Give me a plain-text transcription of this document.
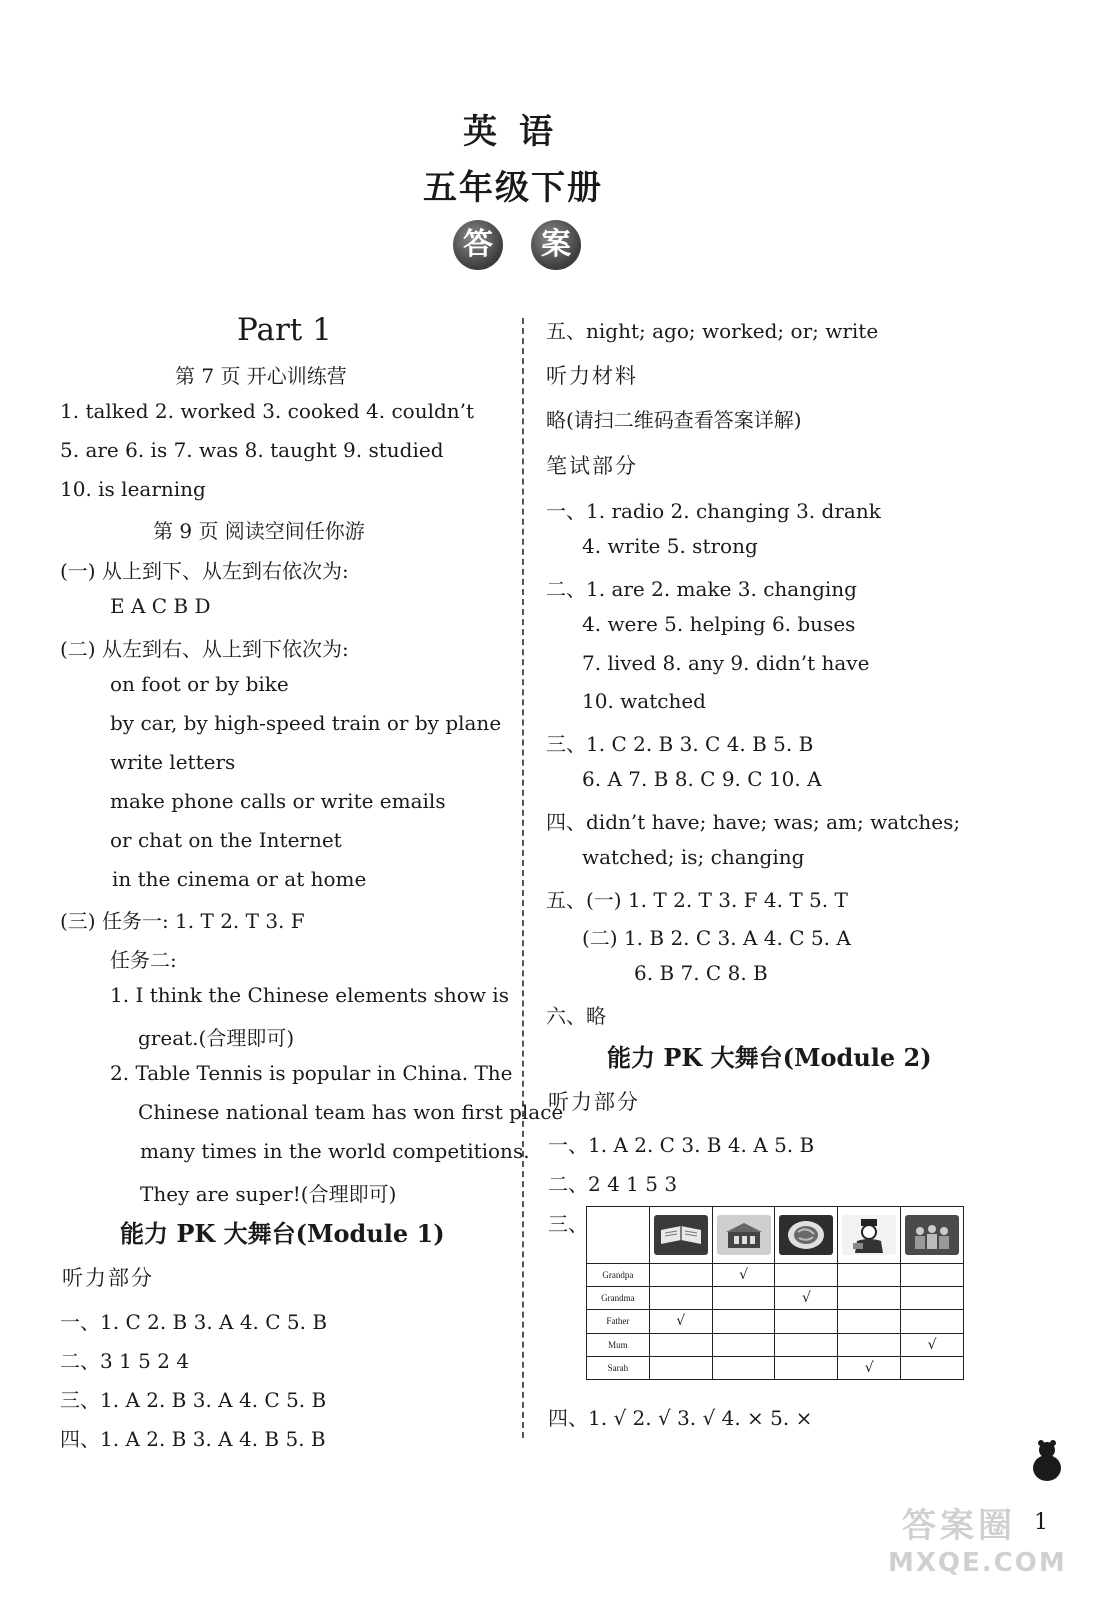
英语
五年级下册
答	案
Part 1
第 7 页 开心训练营
1. talked 2. worked 3. cooked 4. couldn’t
5. are 6. is 7. was 8. taught 9. studied
10. is learning
第 9 页 阅读空间任你游
(一) 从上到下、从左到右依次为:
E A C B D
(二) 从左到右、从上到下依次为:
on foot or by bike
by car, by high-speed train or by plane
write letters
make phone calls or write emails
or chat on the Internet
in the cinema or at home
(三) 任务一: 1. T 2. T 3. F
任务二:
1. I think the Chinese elements show is
great.(合理即可)
2. Table Tennis is popular in China. The
Chinese national team has won first place
many times in the world competitions.
They are super!(合理即可)
能力 PK 大舞台(Module 1)
听力部分
一、1. C 2. B 3. A 4. C 5. B
二、3 1 5 2 4
三、1. A 2. B 3. A 4. C 5. B
四、1. A 2. B 3. A 4. B 5. B
五、night; ago; worked; or; write
听力材料
略(请扫二维码查看答案详解)
笔试部分
一、1. radio 2. changing 3. drank
4. write 5. strong
二、1. are 2. make 3. changing
4. were 5. helping 6. buses
7. lived 8. any 9. didn’t have
10. watched
三、1. C 2. B 3. C 4. B 5. B
6. A 7. B 8. C 9. C 10. A
四、didn’t have; have; was; am; watches;
watched; is; changing
五、(一) 1. T 2. T 3. F 4. T 5. T
(二) 1. B 2. C 3. A 4. C 5. A
6. B 7. C 8. B
六、略
能力 PK 大舞台(Module 2)
听力部分
一、1. A 2. C 3. B 4. A 5. B
二、2 4 1 5 3
三、

Grandpa		√			
Grandma			√		
Father	√				
Mum					√
Sarah				√	
四、1. √ 2. √ 3. √ 4. × 5. ×
1
答案圈
MXQE.COM
